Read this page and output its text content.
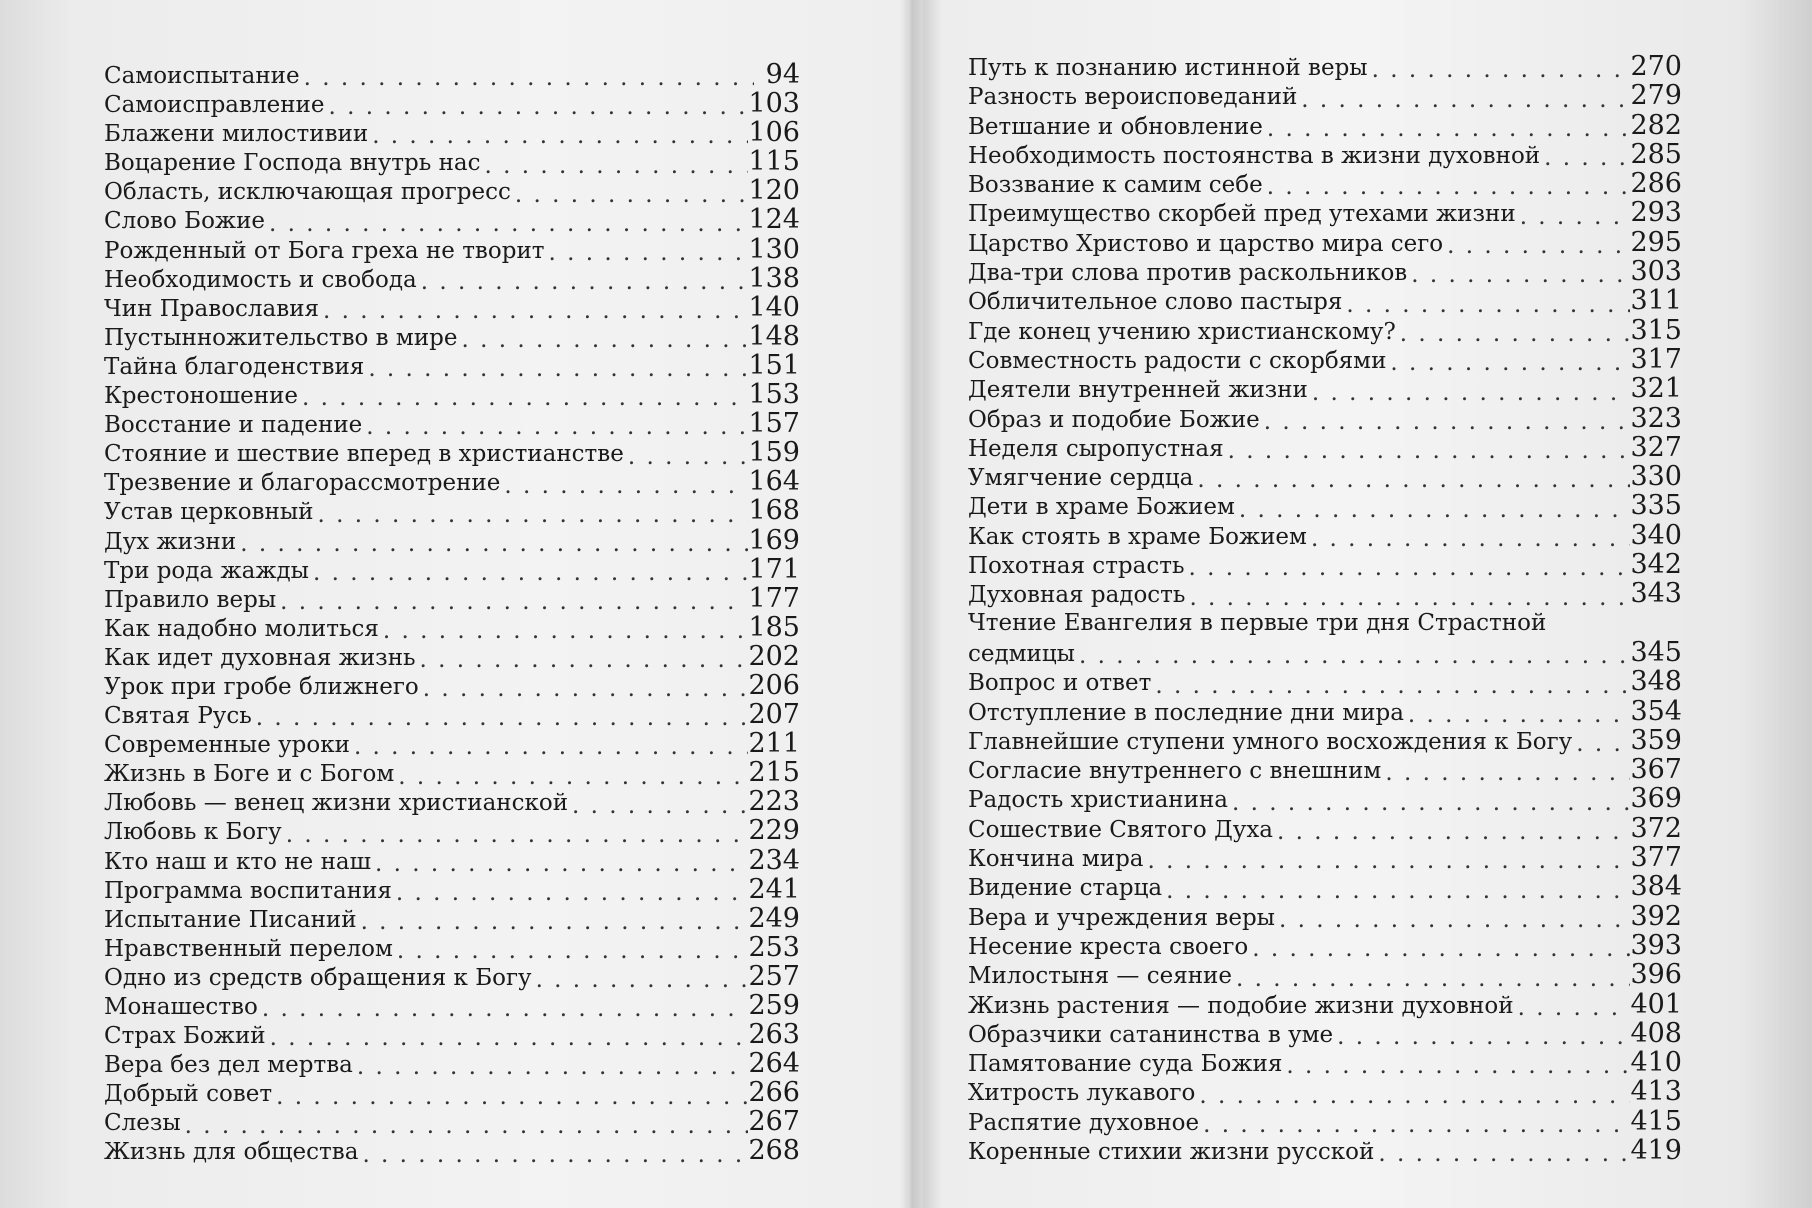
Самоиспытание . . .	94
Самоисправление . . .	103
Блажени милостивии . . .	106
Воцарение Господа внутрь нас . . .	115
Область, исключающая прогресс . . .	120
Слово Божие . . .	124
Рожденный от Бога греха не творит . . .	130
Необходимость и свобода . . .	138
Чин Православия . . .	140
Пустынножительство в мире . . .	148
Тайна благоденствия . . .	151
Крестоношение . . .	153
Восстание и падение . . .	157
Стояние и шествие вперед в христианстве . . .	159
Трезвение и благорассмотрение . . .	164
Устав церковный . . .	168
Дух жизни . . .	169
Три рода жажды . . .	171
Правило веры . . .	177
Как надобно молиться . . .	185
Как идет духовная жизнь . . .	202
Урок при гробе ближнего . . .	206
Святая Русь . . .	207
Современные уроки . . .	211
Жизнь в Боге и с Богом . . .	215
Любовь — венец жизни христианской . . .	223
Любовь к Богу . . .	229
Кто наш и кто не наш . . .	234
Программа воспитания . . .	241
Испытание Писаний . . .	249
Нравственный перелом . . .	253
Одно из средств обращения к Богу . . .	257
Монашество . . .	259
Страх Божий . . .	263
Вера без дел мертва . . .	264
Добрый совет . . .	266
Слезы . . .	267
Жизнь для общества . . .	268
Путь к познанию истинной веры . . .	270
Разность вероисповеданий . . .	279
Ветшание и обновление . . .	282
Необходимость постоянства в жизни духовной . . .	285
Воззвание к самим себе . . .	286
Преимущество скорбей пред утехами жизни . . .	293
Царство Христово и царство мира сего . . .	295
Два-три слова против раскольников . . .	303
Обличительное слово пастыря . . .	311
Где конец учению христианскому? . . .	315
Совместность радости с скорбями . . .	317
Деятели внутренней жизни . . .	321
Образ и подобие Божие . . .	323
Неделя сыропустная . . .	327
Умягчение сердца . . .	330
Дети в храме Божием . . .	335
Как стоять в храме Божием . . .	340
Похотная страсть . . .	342
Духовная радость . . .	343
Чтение Евангелия в первые три дня Страстной
седмицы . . .	345
Вопрос и ответ . . .	348
Отступление в последние дни мира . . .	354
Главнейшие ступени умного восхождения к Богу . . . 359
Согласие внутреннего с внешним . . .	367
Радость христианина . . .	369
Сошествие Святого Духа . . .	372
Кончина мира . . .	377
Видение старца . . .	384
Вера и учреждения веры . . .	392
Несение креста своего . . .	393
Милостыня — сеяние . . .	396
Жизнь растения — подобие жизни духовной . . .	401
Образчики сатанинства в уме . . .	408
Памятование суда Божия . . .	410
Хитрость лукавого . . .	413
Распятие духовное . . .	415
Коренные стихии жизни русской . . .	419
